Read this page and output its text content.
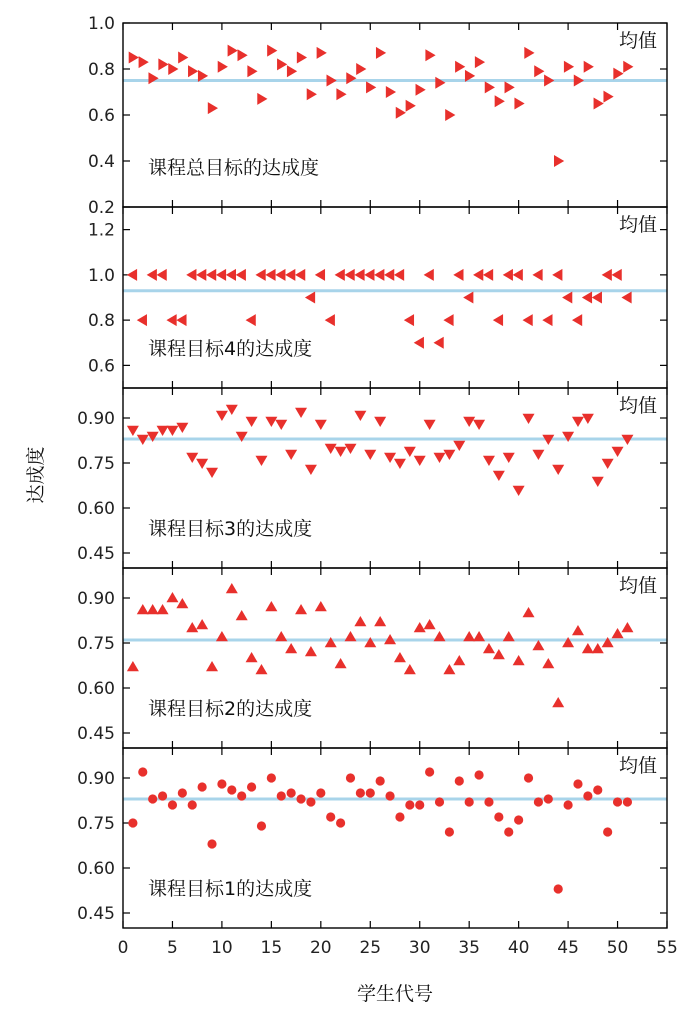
均值
课程总目标的达成度
0.2
0.4
0.6
0.8
1.0
均值
课程目标4的达成度
0.6
0.8
1.0
1.2
均值
课程目标3的达成度
0.45
0.60
0.75
0.90
均值
课程目标2的达成度
0.45
0.60
0.75
0.90
均值
课程目标1的达成度
0.45
0.60
0.75
0.90
0 5 10 15 20 25 30 35 40 45 50 55
学生代号
达成度
